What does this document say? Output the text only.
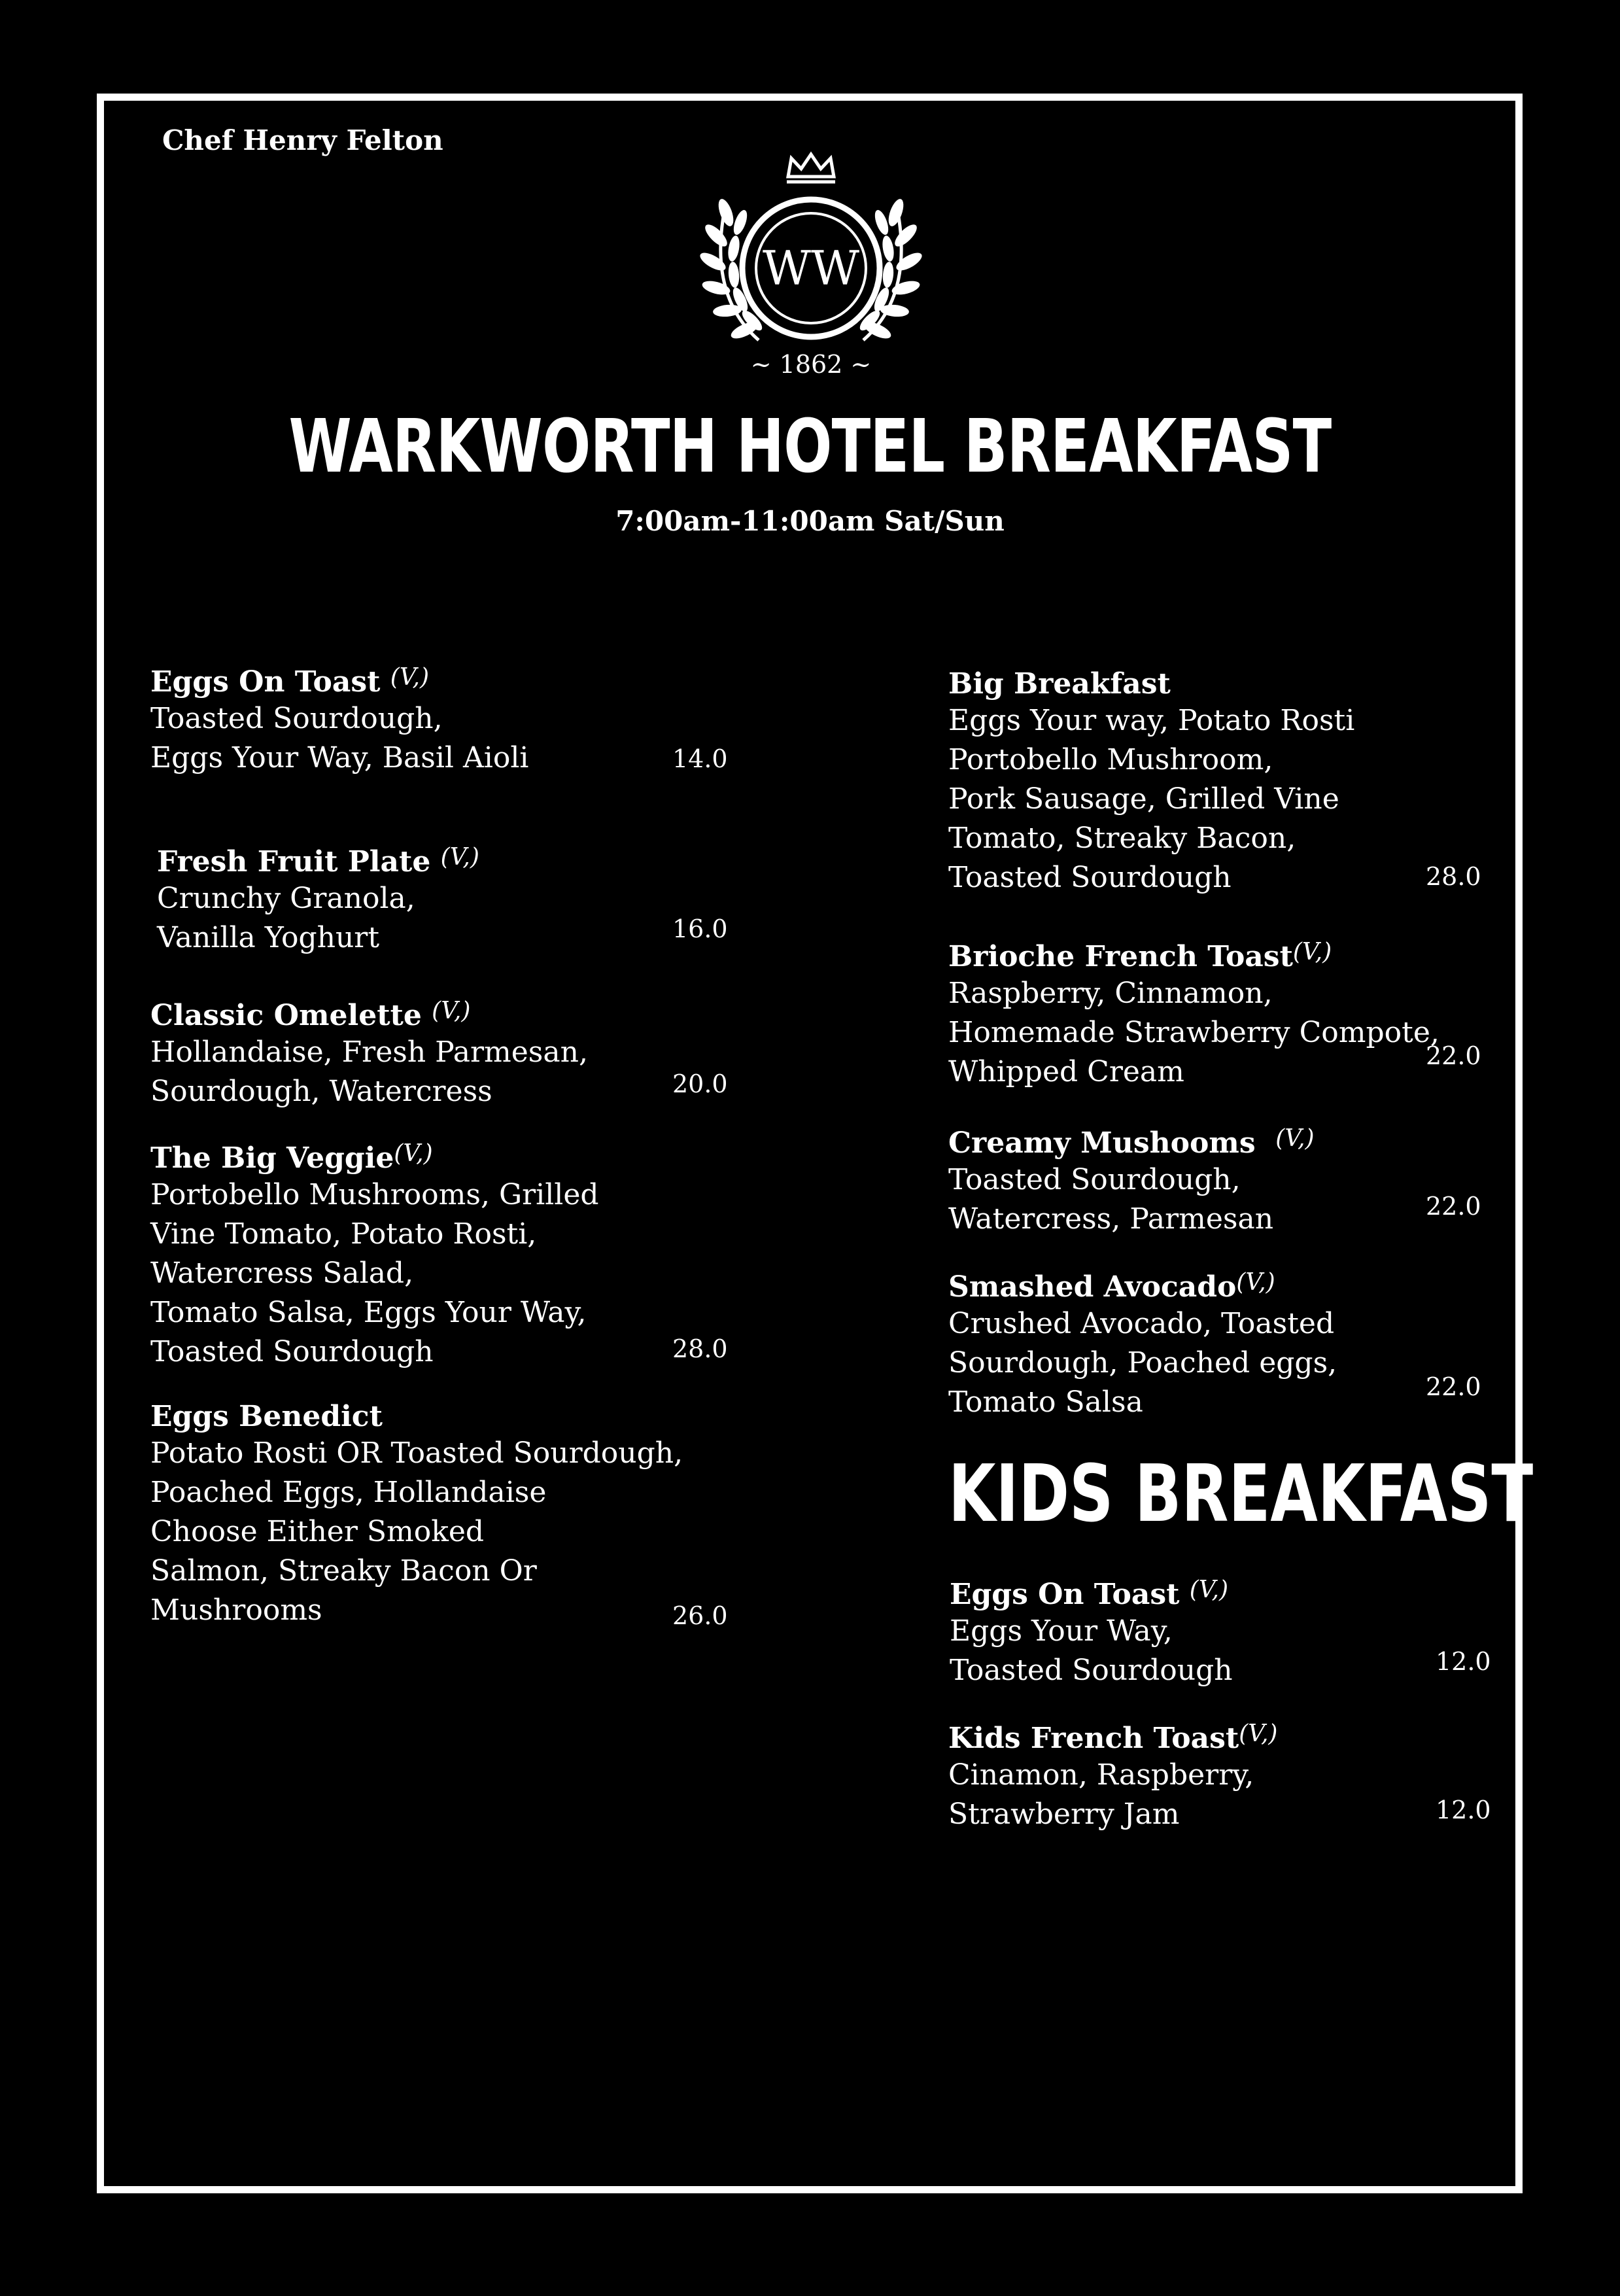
Chef Henry Felton
WW
~ 1862 ~
WARKWORTH HOTEL BREAKFAST
7:00am-11:00am Sat/Sun
Eggs On Toast $^{(V,)}$
Toasted Sourdough,
Eggs Your Way, Basil Aioli	14.0
Fresh Fruit Plate $^{(V,)}$
Crunchy Granola,
Vanilla Yoghurt	16.0
Classic Omelette $^{(V,)}$
Hollandaise, Fresh Parmesan,
Sourdough, Watercress	20.0
The Big Veggie$^{(V,)}$
Portobello Mushrooms, Grilled
Vine Tomato, Potato Rosti,
Watercress Salad,
Tomato Salsa, Eggs Your Way,
Toasted Sourdough	28.0
Eggs Benedict
Potato Rosti OR Toasted Sourdough,
Poached Eggs, Hollandaise
Choose Either Smoked
Salmon, Streaky Bacon Or
Mushrooms	26.0
Big Breakfast
Eggs Your way, Potato Rosti
Portobello Mushroom,
Pork Sausage, Grilled Vine
Tomato, Streaky Bacon,
Toasted Sourdough	28.0
Brioche French Toast$^{(V,)}$
Raspberry, Cinnamon,
Homemade Strawberry Compote,
Whipped Cream	22.0
Creamy Mushooms $^{(V,)}$
Toasted Sourdough,
Watercress, Parmesan	22.0
Smashed Avocado$^{(V,)}$
Crushed Avocado, Toasted
Sourdough, Poached eggs,
Tomato Salsa	22.0
KIDS BREAKFAST
Eggs On Toast $^{(V,)}$
Eggs Your Way,
Toasted Sourdough	12.0
Kids French Toast$^{(V,)}$
Cinamon, Raspberry,
Strawberry Jam	12.0
